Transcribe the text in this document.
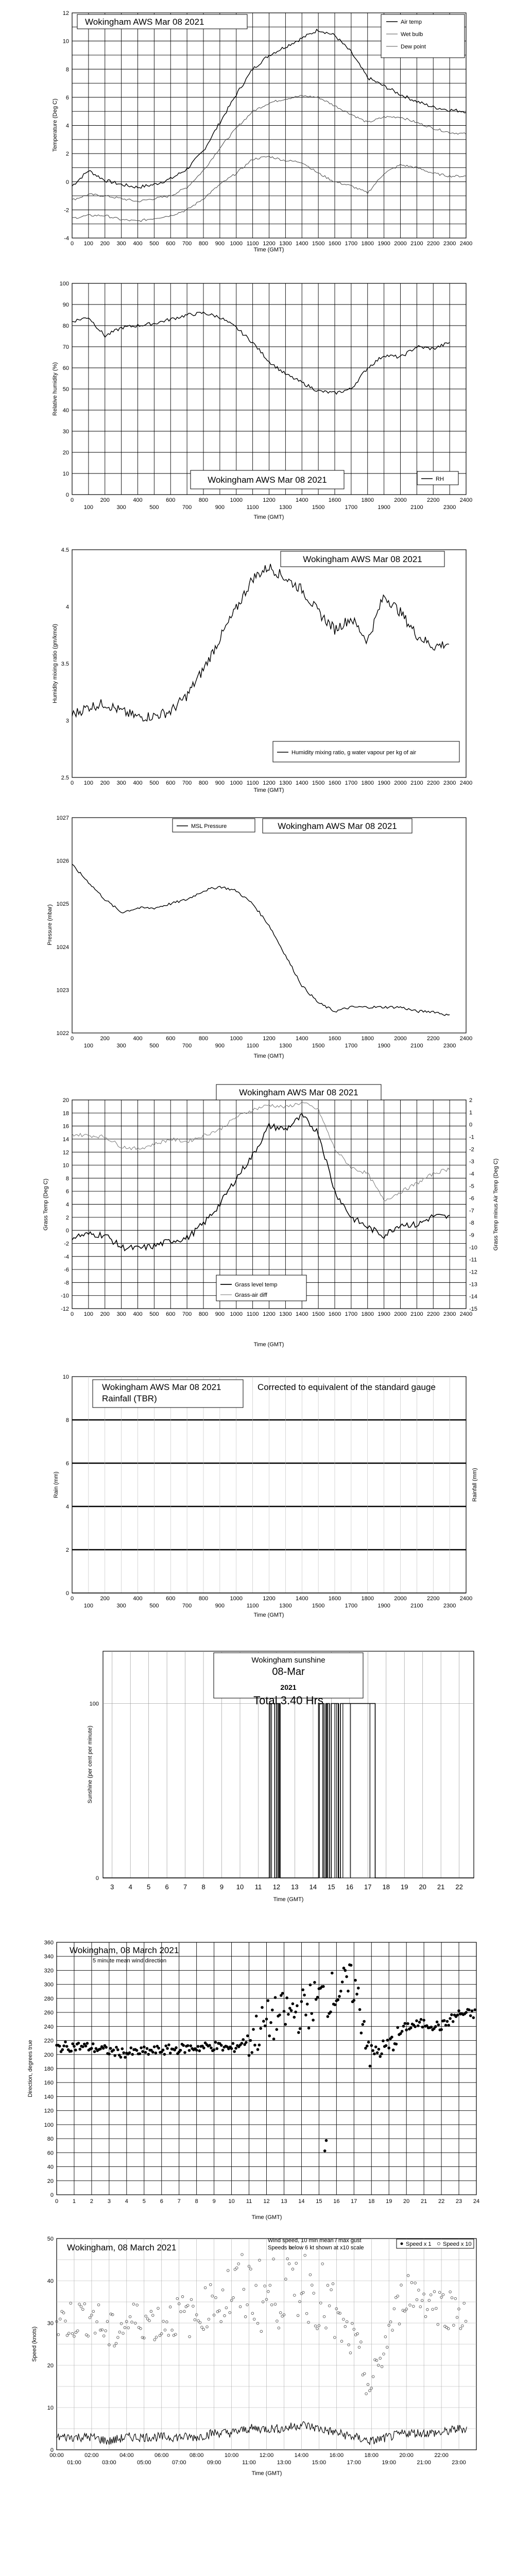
-4
-2
0
2
4
6
8
10
12
0 100 200 300 400 500 600 700 800 900 1000 1100 1200 1300 1400 1500 1600 1700 1800 1900 2000 2100 2200 2300 2400
Wokingham AWS Mar 08 2021	Air temp
Wet bulb
Dew point
Time (GMT)
Temperature (Deg C)
0
10
20
30
40
50
60
70
80
90
100
0	200	400	600	800	1000	1200	1400	1600	1800	2000	2200	2400
100	300	500	700	900	1100	1300	1500	1700	1900	2100	2300
Wokingham AWS Mar 08 2021	RH
Time (GMT)
Relative humidity (%)
2.5
3
3.5
4
4.5
0 100 200 300 400 500 600 700 800 900 1000 1100 1200 1300 1400 1500 1600 1700 1800 1900 2000 2100 2200 2300 2400
Wokingham AWS Mar 08 2021
Humidity mixing ratio, g water vapour per kg of air
Time (GMT)
Humidity mixing ratio (gm/kmol)
1022
1023
1024
1025
1026
1027
0	200	400	600	800	1000	1200	1400	1600	1800	2000	2200	2400
100	300	500	700	900	1100	1300	1500	1700	1900	2100	2300
MSL Pressure	Wokingham AWS Mar 08 2021
Time (GMT)
Pressure (mbar)
-12
-10
-8
-6
-4
-2
0
2
4
6
8
10
12
14
16
18
20
-15
-14
-13
-12
-11
-10
-9
-8
-7
-6
-5
-4
-3
-2
-1
0
1
2
0 100 200 300 400 500 600 700 800 900 1000 1100 1200 1300 1400 1500 1600 1700 1800 1900 2000 2100 2200 2300 2400
Wokingham AWS Mar 08 2021
Grass level temp
Grass-air diff
Time (GMT)
Grass Temp (Deg C)	Grass Temp minus Air Temp (Deg C)
0
2
4
6
8
10
0	200	400	600	800	1000	1200	1400	1600	1800	2000	2200	2400
100	300	500	700	900	1100	1300	1500	1700	1900	2100	2300
Wokingham AWS Mar 08 2021
Rainfall (TBR)
Corrected to equivalent of the standard gauge
Time (GMT)
Rain (mm)	Rainfall (mm)
0
100
3 4 5 6 7 8 9 10 11 12 13 14 15 16 17 18 19 20 21 22
Wokingham sunshine
08-Mar
2021
Total 3.40 Hrs
Time (GMT)
Sunshine (per cent per minute)
0
20
40
60
80
100
120
140
160
180
200
220
240
260
280
300
320
340
360
0	1	2	3	4	5	6	7	8	9 10 11 12 13 14 15 16 17 18 19 20 21 22 23 24
Wokingham, 08 March 2021
5 minute mean wind direction
Time (GMT)
Direction, degrees true
0
10
20
30
40
50
00:00	02:00	04:00	06:00	08:00	10:00	12:00	14:00	16:00	18:00	20:00	22:00
01:00	03:00	05:00	07:00	09:00	11:00	13:00	15:00	17:00	19:00	21:00	23:00
Wokingham, 08 March 2021
Wind speed, 10 min mean / max gust
Speeds below 6 kt shown at x10 scale
Speed x 1 Speed x 10
Time (GMT)
Speed (knots)
